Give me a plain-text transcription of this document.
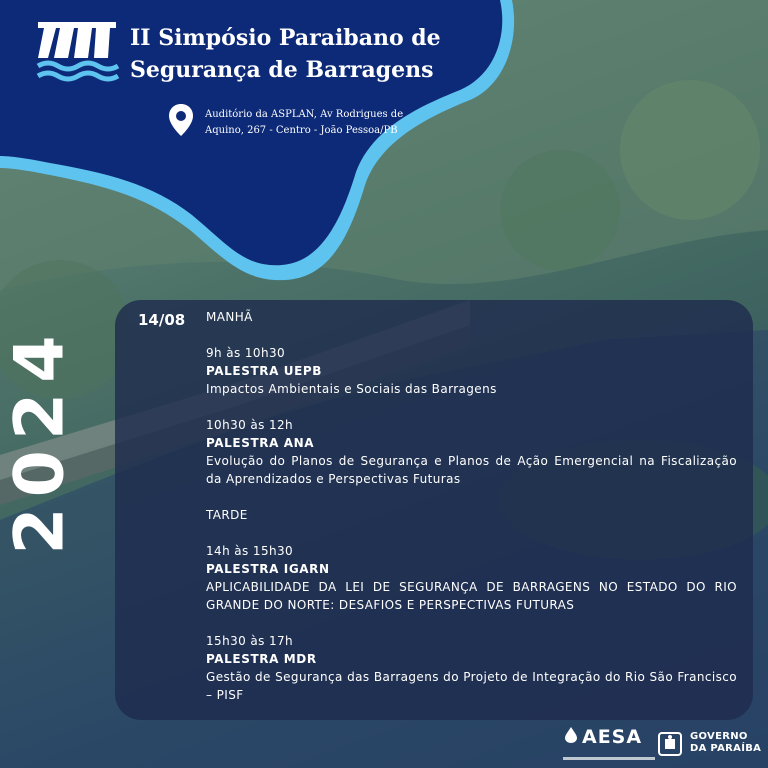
II Simpósio Paraibano de
Segurança de Barragens
Auditório da ASPLAN, Av Rodrigues de
Aquino, 267 - Centro - João Pessoa/PB
2024
14/08 MANHÃ
9h às 10h30
PALESTRA UEPB
Impactos Ambientais e Sociais das Barragens
10h30 às 12h
PALESTRA ANA
Evolução do Planos de Segurança e Planos de Ação Emergencial na Fiscalização da Aprendizados e Perspectivas Futuras
TARDE
14h às 15h30
PALESTRA IGARN
APLICABILIDADE DA LEI DE SEGURANÇA DE BARRAGENS NO ESTADO DO RIO GRANDE DO NORTE: DESAFIOS E PERSPECTIVAS FUTURAS
15h30 às 17h
PALESTRA MDR
Gestão de Segurança das Barragens do Projeto de Integração do Rio São Francisco – PISF
AESA	GOVERNO
DA PARAÍBA
